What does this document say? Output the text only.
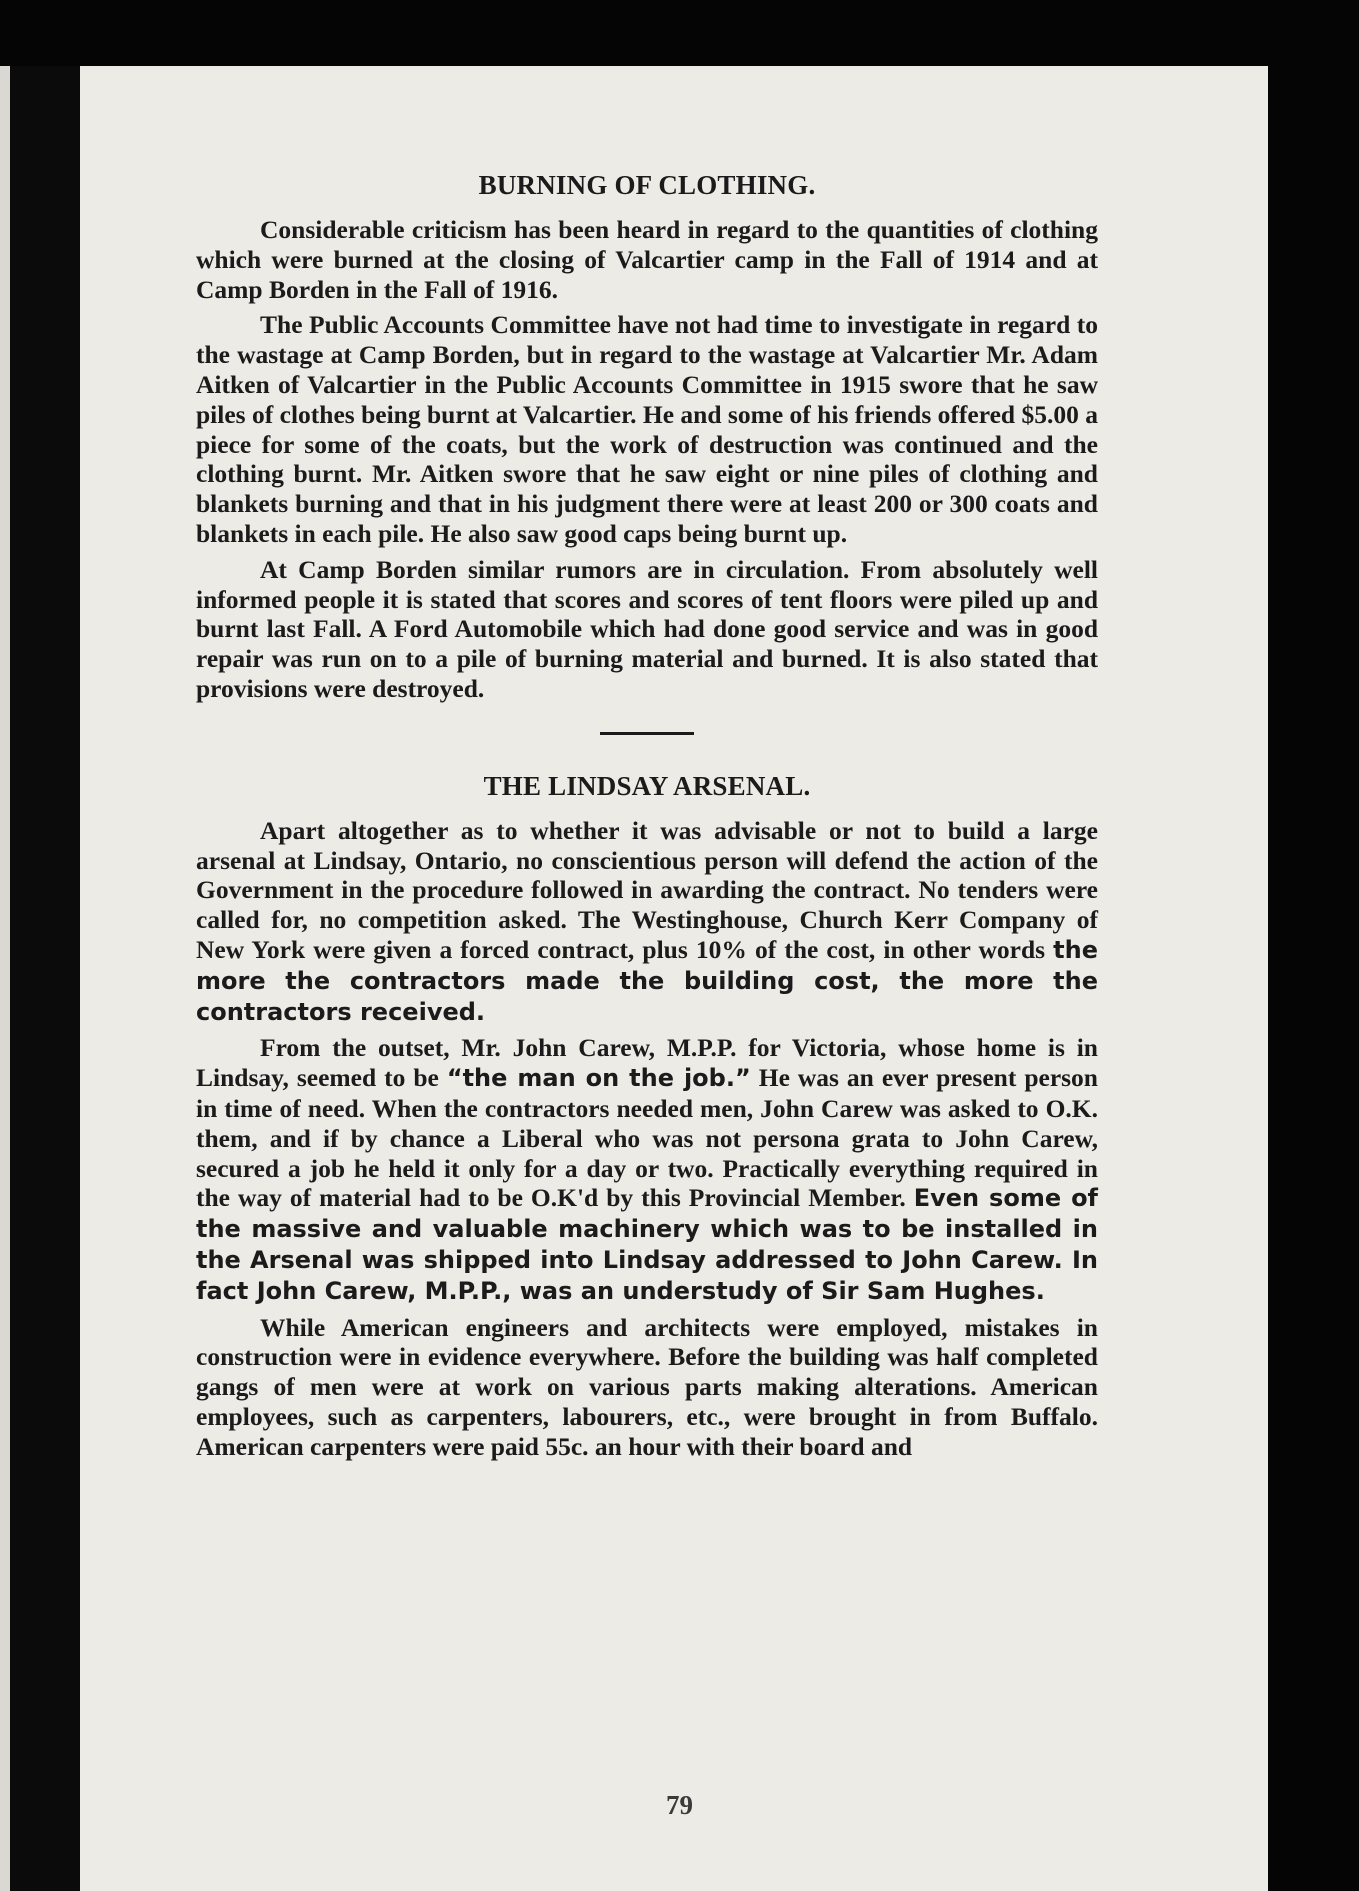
BURNING OF CLOTHING.

Considerable criticism has been heard in regard to the quantities of clothing which were burned at the closing of Valcartier camp in the Fall of 1914 and at Camp Borden in the Fall of 1916.

The Public Accounts Committee have not had time to investigate in regard to the wastage at Camp Borden, but in regard to the wastage at Valcartier Mr. Adam Aitken of Valcartier in the Public Accounts Committee in 1915 swore that he saw piles of clothes being burnt at Valcartier. He and some of his friends offered $5.00 a piece for some of the coats, but the work of destruction was continued and the clothing burnt. Mr. Aitken swore that he saw eight or nine piles of clothing and blankets burning and that in his judgment there were at least 200 or 300 coats and blankets in each pile. He also saw good caps being burnt up.

At Camp Borden similar rumors are in circulation. From absolutely well informed people it is stated that scores and scores of tent floors were piled up and burnt last Fall. A Ford Automobile which had done good service and was in good repair was run on to a pile of burning material and burned. It is also stated that provisions were destroyed.

THE LINDSAY ARSENAL.

Apart altogether as to whether it was advisable or not to build a large arsenal at Lindsay, Ontario, no conscientious person will defend the action of the Government in the procedure followed in awarding the contract. No tenders were called for, no competition asked. The Westinghouse, Church Kerr Company of New York were given a forced contract, plus 10% of the cost, in other words the more the contractors made the building cost, the more the contractors received.

From the outset, Mr. John Carew, M.P.P. for Victoria, whose home is in Lindsay, seemed to be “the man on the job.” He was an ever present person in time of need. When the contractors needed men, John Carew was asked to O.K. them, and if by chance a Liberal who was not persona grata to John Carew, secured a job he held it only for a day or two. Practically everything required in the way of material had to be O.K'd by this Provincial Member. Even some of the massive and valuable machinery which was to be installed in the Arsenal was shipped into Lindsay addressed to John Carew. In fact John Carew, M.P.P., was an understudy of Sir Sam Hughes.

While American engineers and architects were employed, mistakes in construction were in evidence everywhere. Before the building was half completed gangs of men were at work on various parts making alterations. American employees, such as carpenters, labourers, etc., were brought in from Buffalo. American carpenters were paid 55c. an hour with their board and

79
